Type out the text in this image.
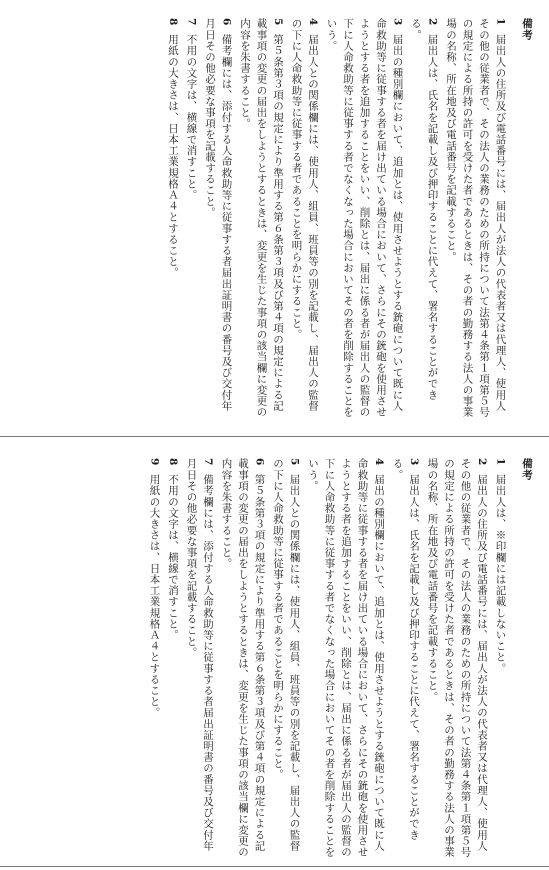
備考
1届出人の住所及び電話番号には、届出人が法人の代表者又は代理人、使用人その他の従業者で、その法人の業務のための所持について法第４条第１項第５号の規定による所持の許可を受けた者であるときは、その者の勤務する法人の事業場の名称、所在地及び電話番号を記載すること。
2届出人は、氏名を記載し及び押印することに代えて、署名することができる。
3届出の種別欄において、追加とは、使用させようとする銃砲について既に人命救助等に従事する者を届け出ている場合において、さらにその銃砲を使用させようとする者を追加することをいい、削除とは、届出に係る者が届出人の監督の下に人命救助等に従事する者でなくなった場合においてその者を削除することをいう。
4届出人との関係欄には、使用人、組員、班員等の別を記載し、届出人の監督の下に人命救助等に従事する者であることを明らかにすること。
5第５条第３項の規定により準用する第６条第３項及び第４項の規定による記載事項の変更の届出をしようとするときは、変更を生じた事項の該当欄に変更の内容を朱書すること。
6備考欄には、添付する人命救助等に従事する者届出証明書の番号及び交付年月日その他必要な事項を記載すること。
7不用の文字は、横線で消すこと。
8用紙の大きさは、日本工業規格Ａ４とすること。
備考
1届出人は、※印欄には記載しないこと。
2届出人の住所及び電話番号には、届出人が法人の代表者又は代理人、使用人その他の従業者で、その法人の業務のための所持について法第４条第１項第５号の規定による所持の許可を受けた者であるときは、その者の勤務する法人の事業場の名称、所在地及び電話番号を記載すること。
3届出人は、氏名を記載し及び押印することに代えて、署名することができる。
4届出の種別欄において、追加とは、使用させようとする銃砲について既に人命救助等に従事する者を届け出ている場合において、さらにその銃砲を使用させようとする者を追加することをいい、削除とは、届出に係る者が届出人の監督の下に人命救助等に従事する者でなくなった場合においてその者を削除することをいう。
5届出人との関係欄には、使用人、組員、班員等の別を記載し、届出人の監督の下に人命救助等に従事する者であることを明らかにすること。
6第５条第３項の規定により準用する第６条第３項及び第４項の規定による記載事項の変更の届出をしようとするときは、変更を生じた事項の該当欄に変更の内容を朱書すること。
7備考欄には、添付する人命救助等に従事する者届出証明書の番号及び交付年月日その他必要な事項を記載すること。
8不用の文字は、横線で消すこと。
9用紙の大きさは、日本工業規格Ａ４とすること。
